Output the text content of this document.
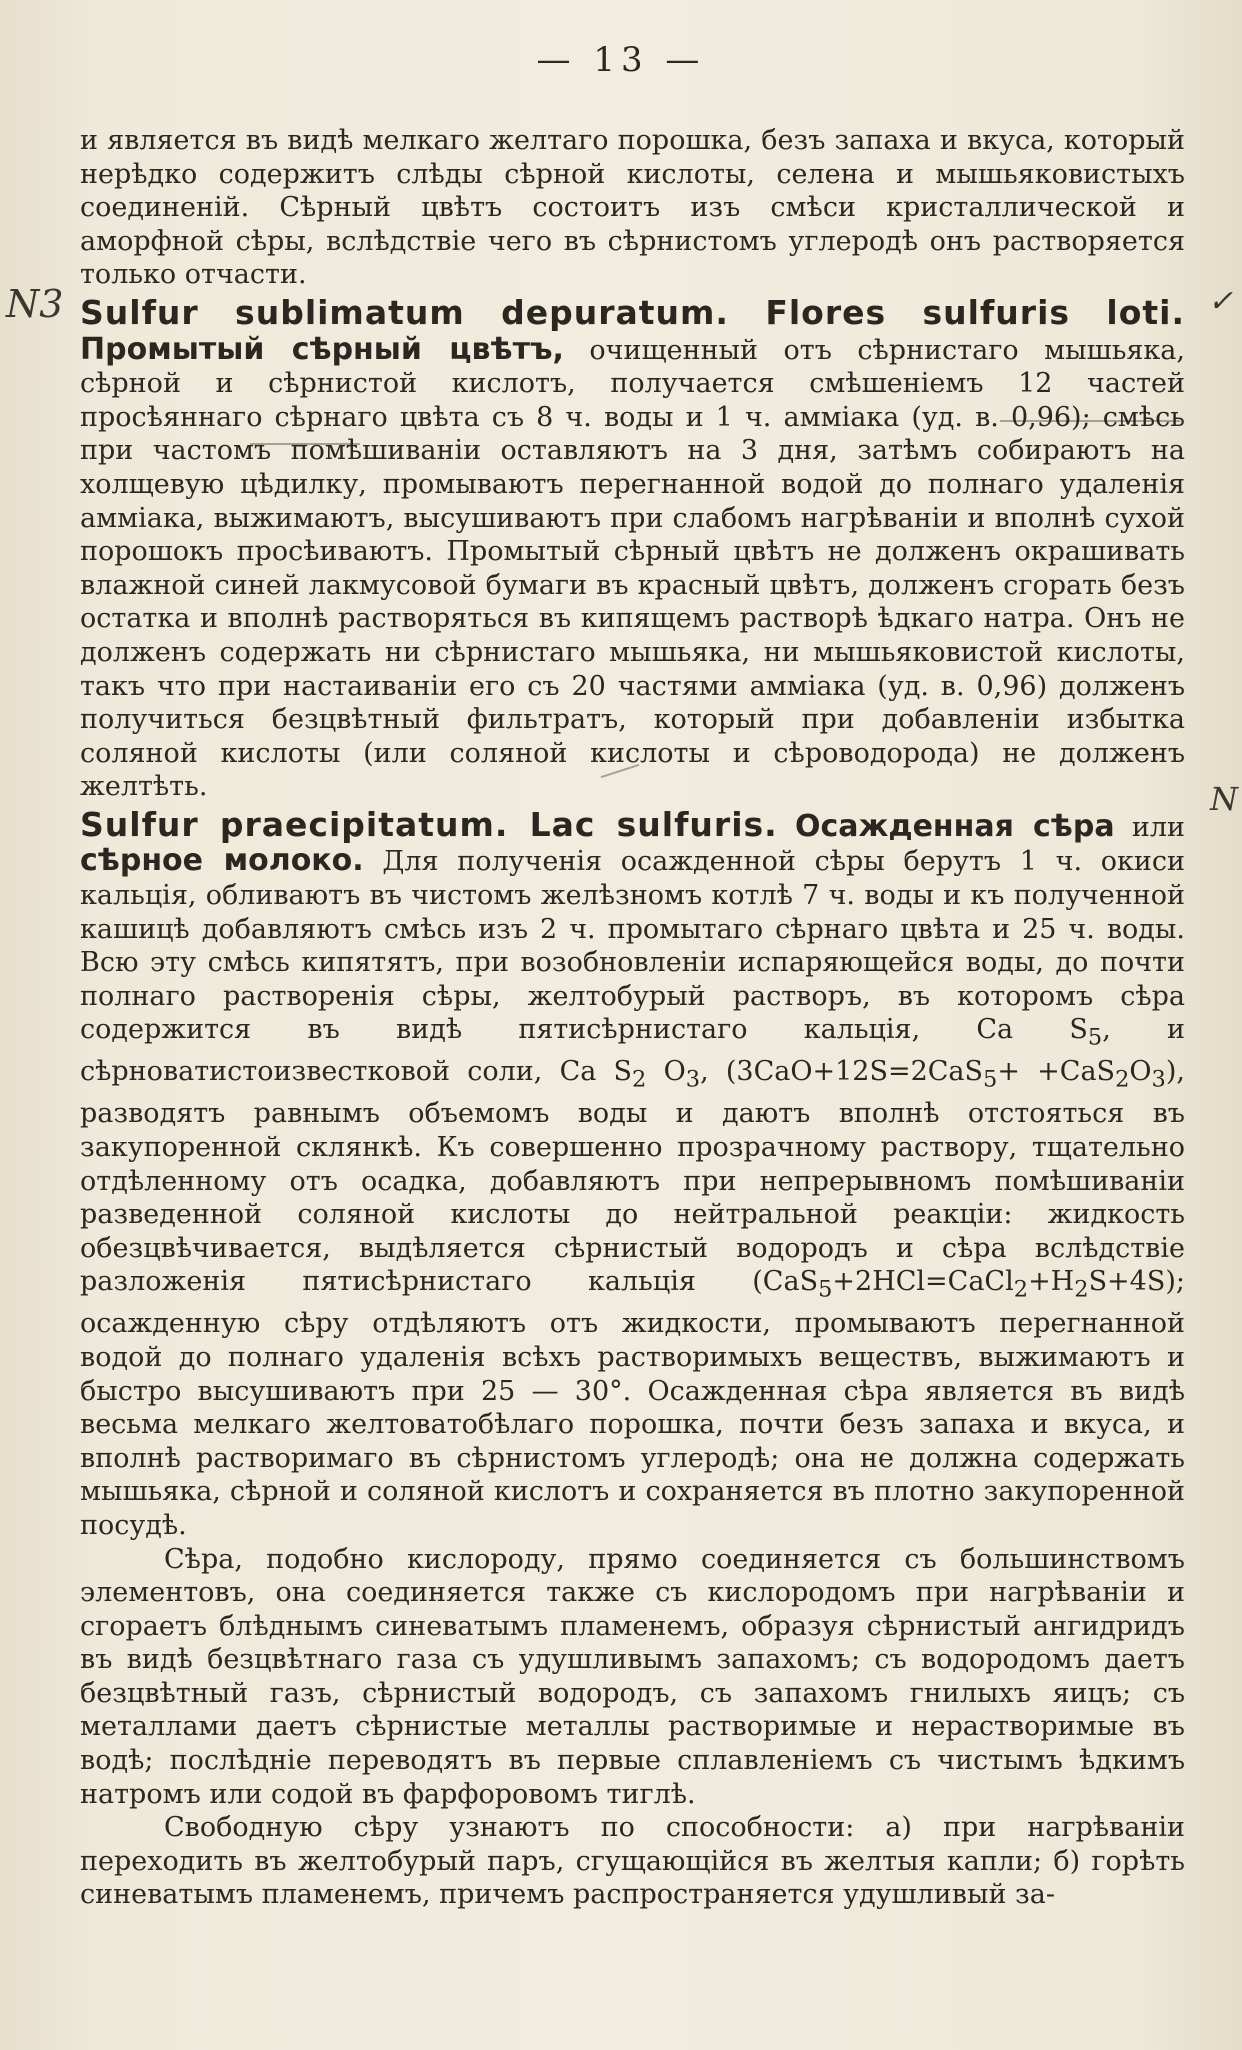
— 13 —
N3	✓
N

и является въ видѣ мелкаго желтаго порошка, безъ запаха и вкуса, который нерѣдко содержитъ слѣды сѣрной кислоты, селена и мышьяковистыхъ соединеній. Сѣрный цвѣтъ состоитъ изъ смѣси кристаллической и аморфной сѣры, вслѣдствіе чего въ сѣрнистомъ углеродѣ онъ растворяется только отчасти.

Sulfur sublimatum depuratum. Flores sulfuris loti. Промытый сѣрный цвѣтъ, очищенный отъ сѣрнистаго мышьяка, сѣрной и сѣрнистой кислотъ, получается смѣшеніемъ 12 частей просѣяннаго сѣрнаго цвѣта съ 8 ч. воды и 1 ч. амміака (уд. в. 0,96); смѣсь при частомъ помѣшиваніи оставляютъ на 3 дня, затѣмъ собираютъ на холщевую цѣдилку, промываютъ перегнанной водой до полнаго удаленія амміака, выжимаютъ, высушиваютъ при слабомъ нагрѣваніи и вполнѣ сухой порошокъ просѣиваютъ. Промытый сѣрный цвѣтъ не долженъ окрашивать влажной синей лакмусовой бумаги въ красный цвѣтъ, долженъ сгорать безъ остатка и вполнѣ растворяться въ кипящемъ растворѣ ѣдкаго натра. Онъ не долженъ содержать ни сѣрнистаго мышьяка, ни мышьяковистой кислоты, такъ что при настаиваніи его съ 20 частями амміака (уд. в. 0,96) долженъ получиться безцвѣтный фильтратъ, который при добавленіи избытка соляной кислоты (или соляной кислоты и сѣроводорода) не долженъ желтѣть.

Sulfur praecipitatum. Lac sulfuris. Осажденная сѣра или сѣрное молоко. Для полученія осажденной сѣры берутъ 1 ч. окиси кальція, обливаютъ въ чистомъ желѣзномъ котлѣ 7 ч. воды и къ полученной кашицѣ добавляютъ смѣсь изъ 2 ч. промытаго сѣрнаго цвѣта и 25 ч. воды. Всю эту смѣсь кипятятъ, при возобновленіи испаряющейся воды, до почти полнаго растворенія сѣры, желтобурый растворъ, въ которомъ сѣра содержится въ видѣ пятисѣрнистаго кальція, Ca $S_5$, и сѣрноватистоизвестковой соли, Ca $S_2$ $O_3$, $(3CaO+12S=2CaS_5+ +CaS_2O_3)$, разводятъ равнымъ объемомъ воды и даютъ вполнѣ отстояться въ закупоренной склянкѣ. Къ совершенно прозрачному раствору, тщательно отдѣленному отъ осадка, добавляютъ при непрерывномъ помѣшиваніи разведенной соляной кислоты до нейтральной реакціи: жидкость обезцвѣчивается, выдѣляется сѣрнистый водородъ и сѣра вслѣдствіе разложенія пятисѣрнистаго кальція $(CaS_5+2HCl=CaCl_2+H_2S+4S)$; осажденную сѣру отдѣляютъ отъ жидкости, промываютъ перегнанной водой до полнаго удаленія всѣхъ растворимыхъ веществъ, выжимаютъ и быстро высушиваютъ при 25 — 30°. Осажденная сѣра является въ видѣ весьма мелкаго желтоватобѣлаго порошка, почти безъ запаха и вкуса, и вполнѣ растворимаго въ сѣрнистомъ углеродѣ; она не должна содержать мышьяка, сѣрной и соляной кислотъ и сохраняется въ плотно закупоренной посудѣ.

Сѣра, подобно кислороду, прямо соединяется съ большинствомъ элементовъ, она соединяется также съ кислородомъ при нагрѣваніи и сгораетъ блѣднымъ синеватымъ пламенемъ, образуя сѣрнистый ангидридъ въ видѣ безцвѣтнаго газа съ удушливымъ запахомъ; съ водородомъ даетъ безцвѣтный газъ, сѣрнистый водородъ, съ запахомъ гнилыхъ яицъ; съ металлами даетъ сѣрнистые металлы растворимые и нерастворимые въ водѣ; послѣдніе переводятъ въ первые сплавленіемъ съ чистымъ ѣдкимъ натромъ или содой въ фарфоровомъ тиглѣ.

Свободную сѣру узнаютъ по способности: а) при нагрѣваніи переходить въ желтобурый паръ, сгущающійся въ желтыя капли; б) горѣть синеватымъ пламенемъ, причемъ распространяется удушливый за-
